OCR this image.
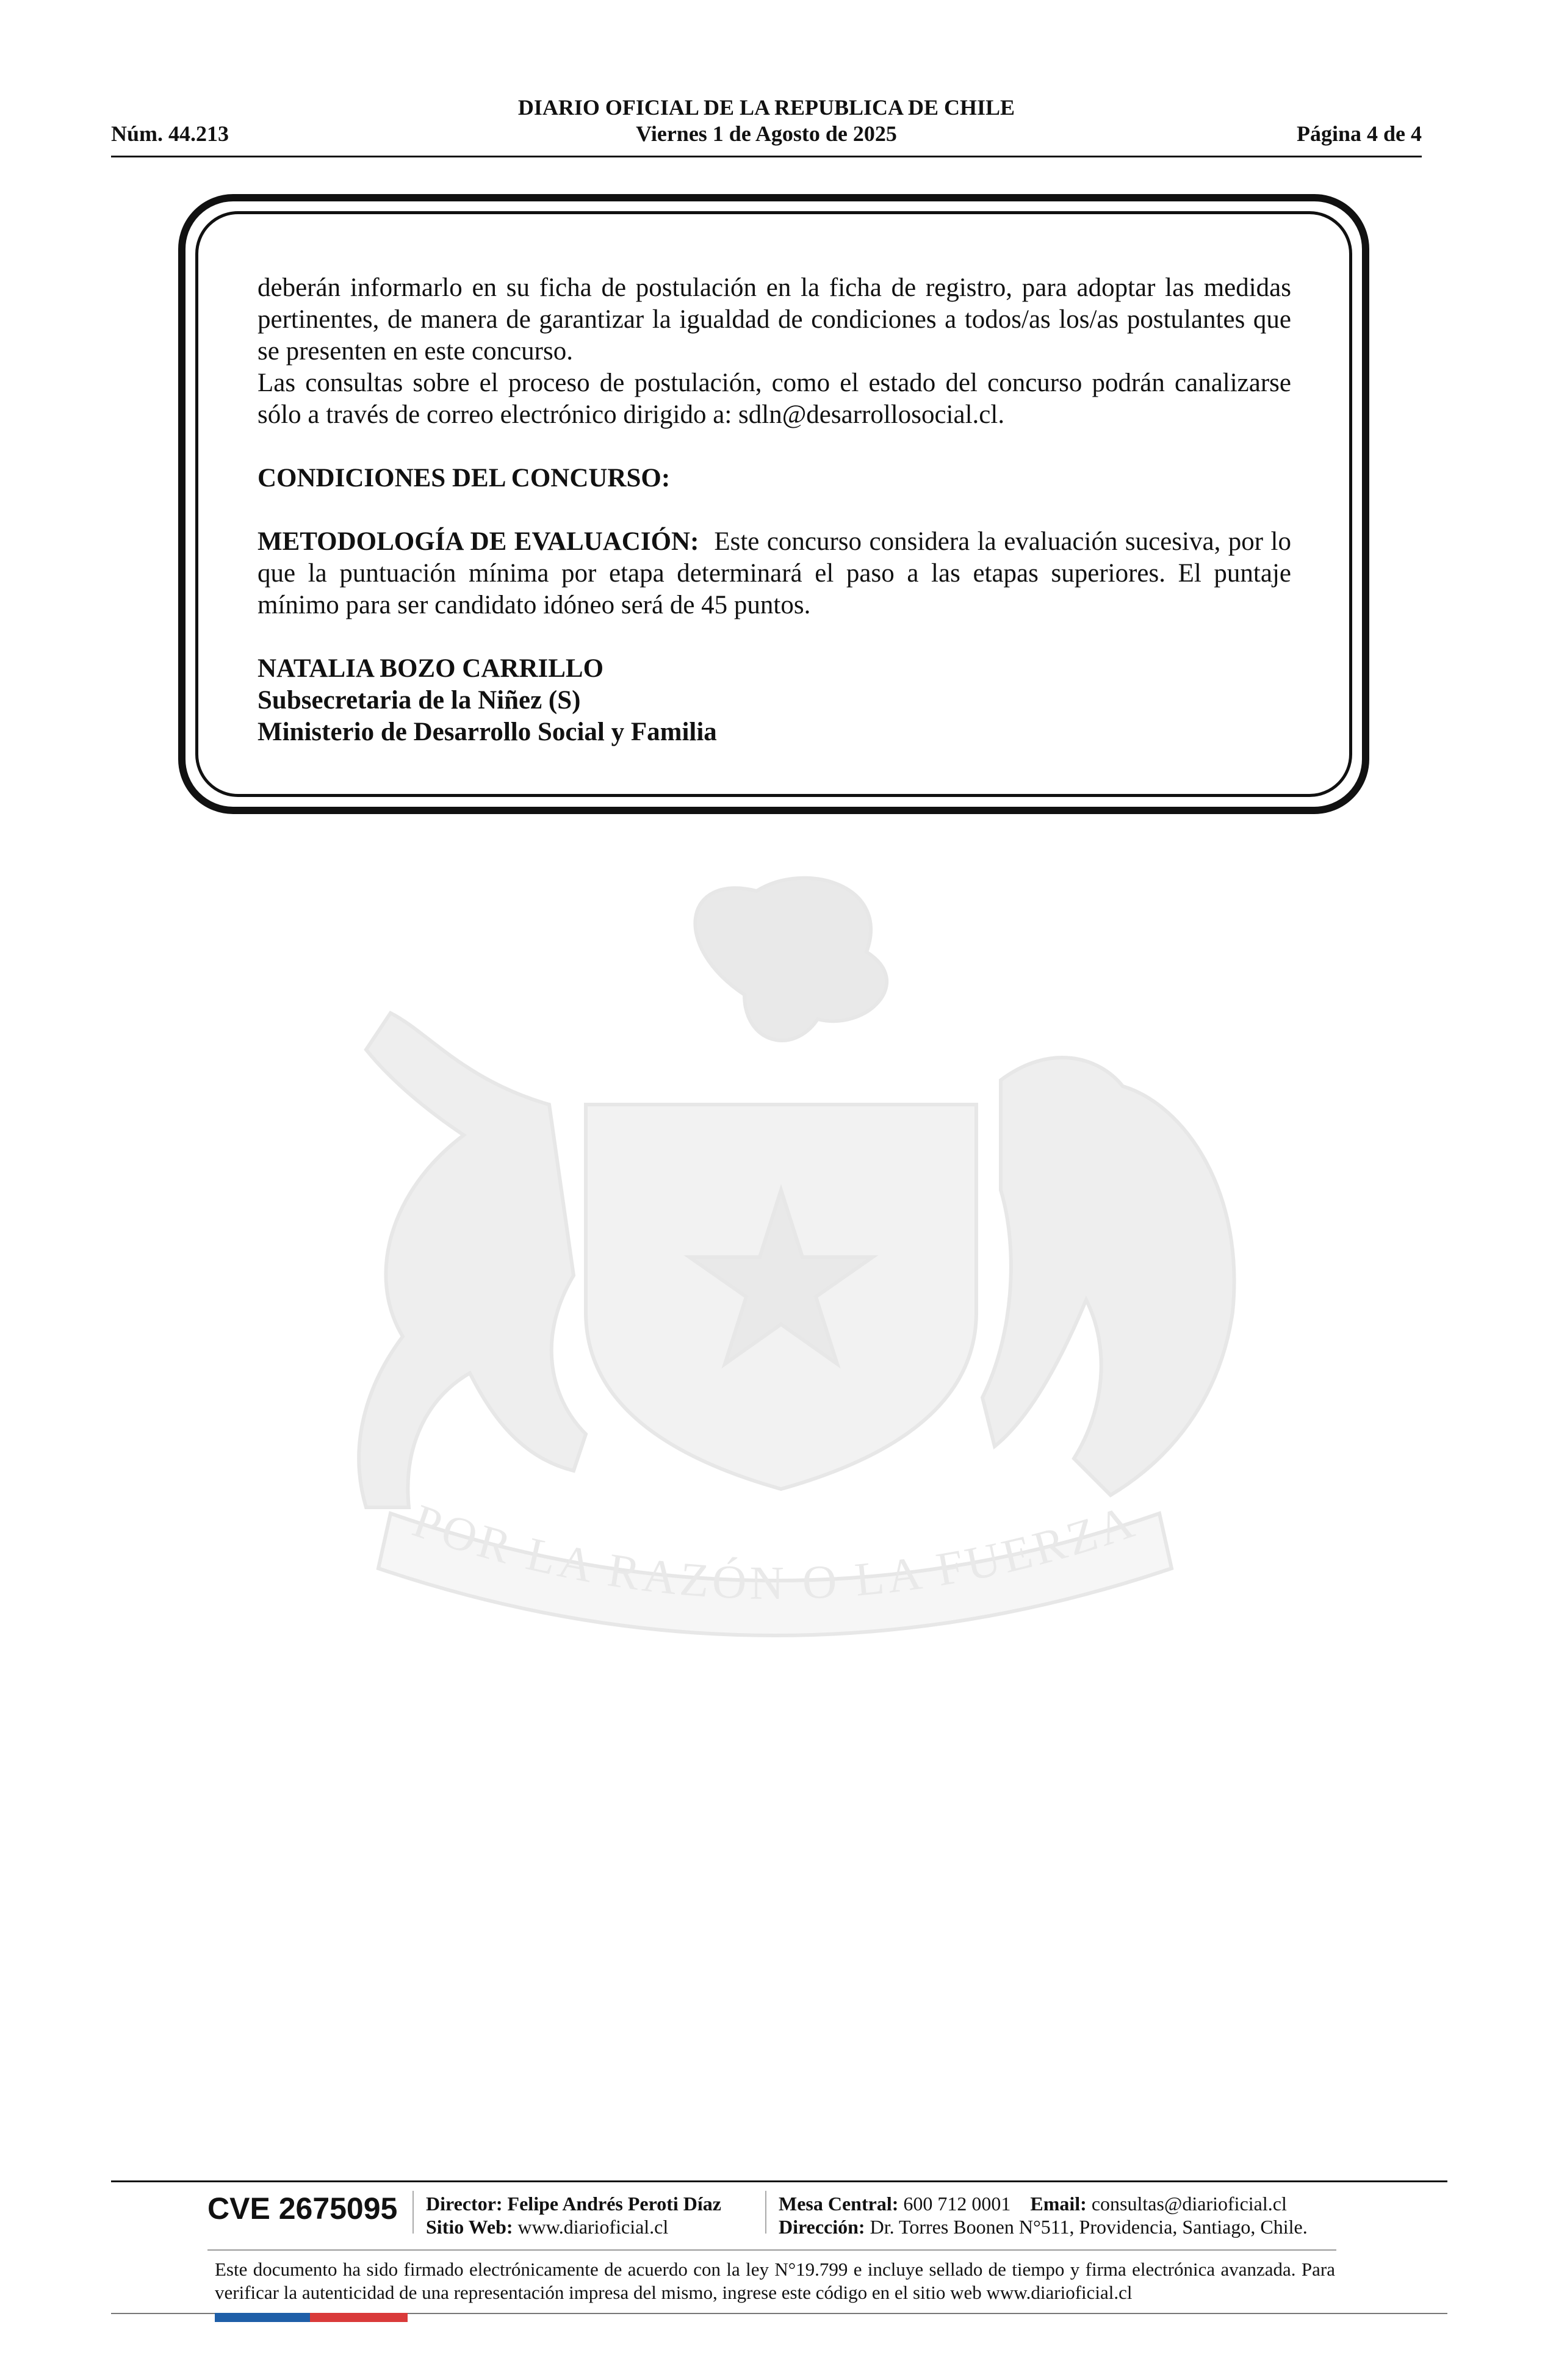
DIARIO OFICIAL DE LA REPUBLICA DE CHILE
Núm. 44.213	Viernes 1 de Agosto de 2025	Página 4 de 4

deberán informarlo en su ficha de postulación en la ficha de registro, para adoptar las medidas pertinentes, de manera de garantizar la igualdad de condiciones a todos/as los/as postulantes que se presenten en este concurso.

Las consultas sobre el proceso de postulación, como el estado del concurso podrán canalizarse sólo a través de correo electrónico dirigido a: sdln@desarrollosocial.cl.

CONDICIONES DEL CONCURSO:

METODOLOGÍA DE EVALUACIÓN: Este concurso considera la evaluación sucesiva, por lo que la puntuación mínima por etapa determinará el paso a las etapas superiores. El puntaje mínimo para ser candidato idóneo será de 45 puntos.

NATALIA BOZO CARRILLO

Subsecretaria de la Niñez (S)

Ministerio de Desarrollo Social y Familia

POR LA RAZÓN O LA FUERZA
CVE 2675095 Director: Felipe Andrés Peroti Díaz
Sitio Web: www.diarioficial.cl
Mesa Central: 600 712 0001 Email: consultas@diarioficial.cl
Dirección: Dr. Torres Boonen N°511, Providencia, Santiago, Chile.
Este documento ha sido firmado electrónicamente de acuerdo con la ley N°19.799 e incluye sellado de tiempo y firma electrónica avanzada. Para verificar la autenticidad de una representación impresa del mismo, ingrese este código en el sitio web www.diarioficial.cl
